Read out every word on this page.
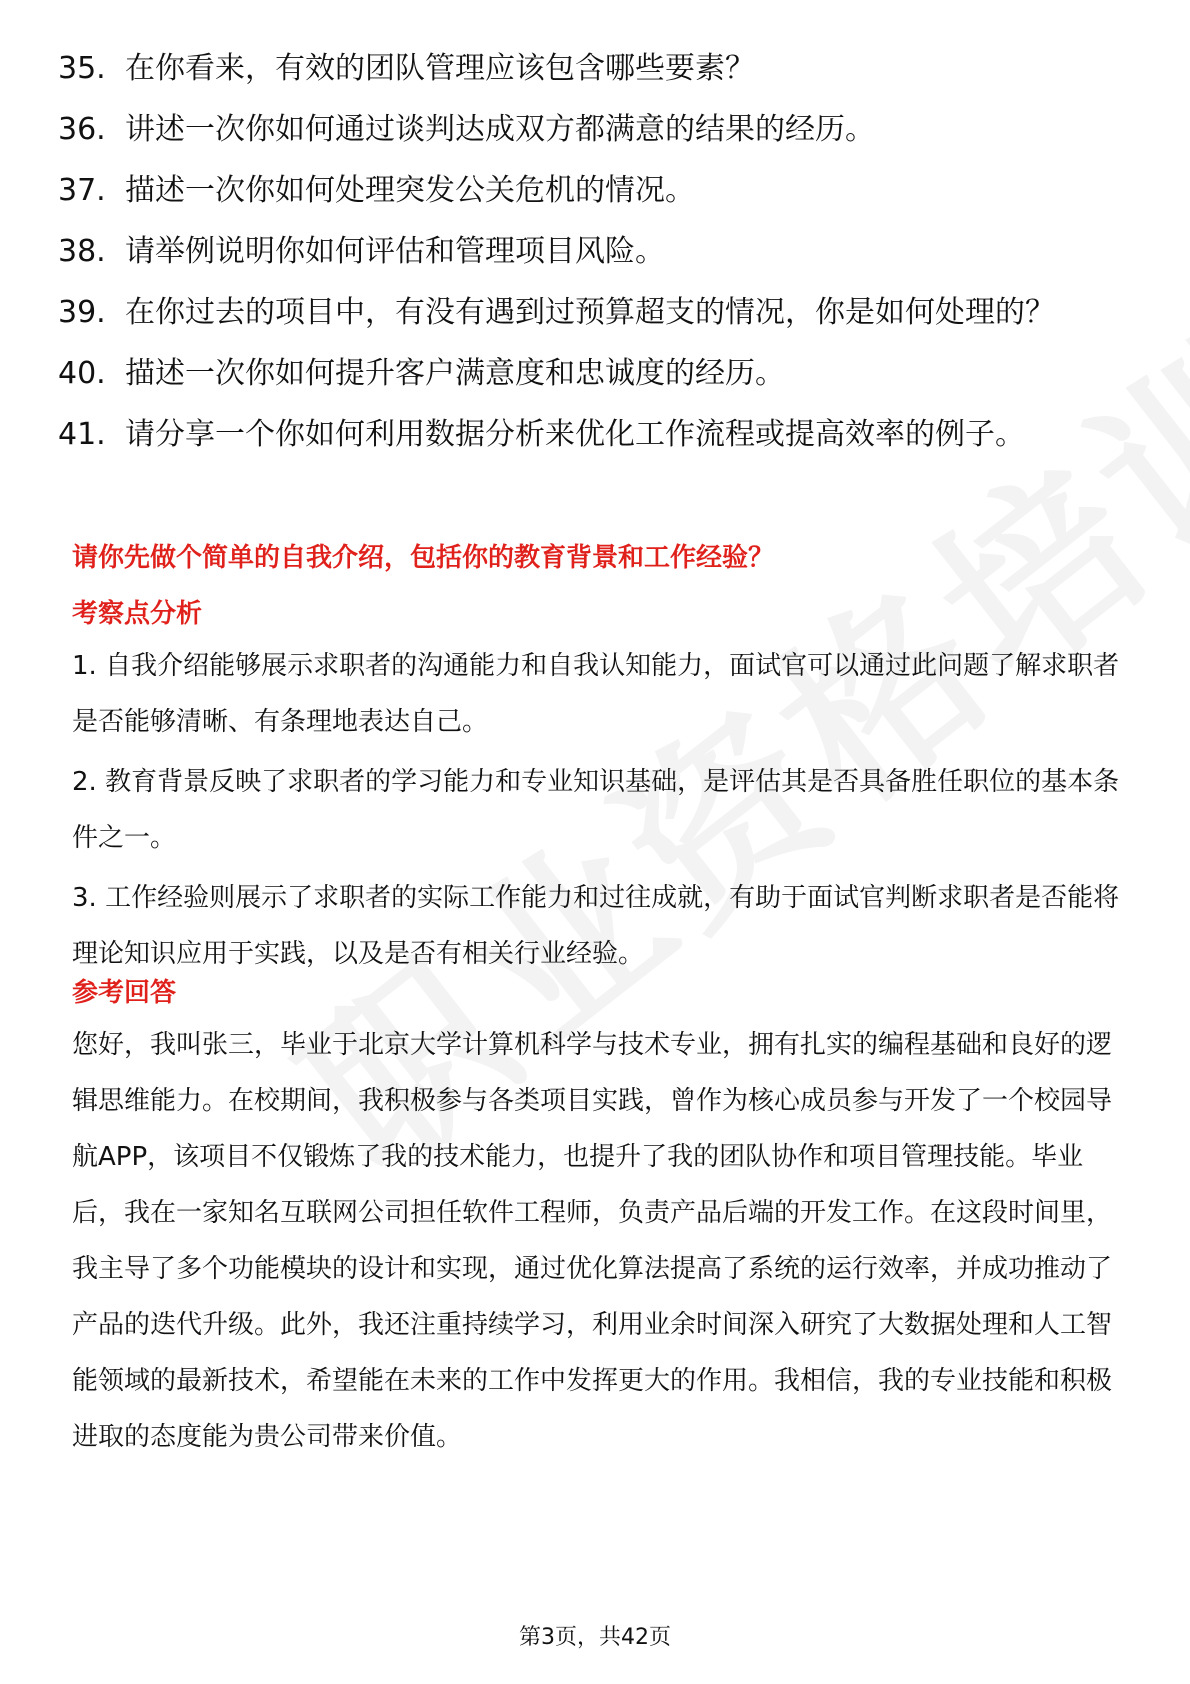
35. 在你看来，有效的团队管理应该包含哪些要素？
36. 讲述一次你如何通过谈判达成双方都满意的结果的经历。
37. 描述一次你如何处理突发公关危机的情况。
38. 请举例说明你如何评估和管理项目风险。
39. 在你过去的项目中，有没有遇到过预算超支的情况，你是如何处理的？
40. 描述一次你如何提升客户满意度和忠诚度的经历。
41. 请分享一个你如何利用数据分析来优化工作流程或提高效率的例子。
请你先做个简单的自我介绍，包括你的教育背景和工作经验？
考察点分析
1. 自我介绍能够展示求职者的沟通能力和自我认知能力，面试官可以通过此问题了解求职者是否能够清晰、有条理地表达自己。
2. 教育背景反映了求职者的学习能力和专业知识基础，是评估其是否具备胜任职位的基本条件之一。
3. 工作经验则展示了求职者的实际工作能力和过往成就，有助于面试官判断求职者是否能将理论知识应用于实践，以及是否有相关行业经验。
参考回答
您好，我叫张三，毕业于北京大学计算机科学与技术专业，拥有扎实的编程基础和良好的逻辑思维能力。在校期间，我积极参与各类项目实践，曾作为核心成员参与开发了一个校园导航APP，该项目不仅锻炼了我的技术能力，也提升了我的团队协作和项目管理技能。毕业后，我在一家知名互联网公司担任软件工程师，负责产品后端的开发工作。在这段时间里，我主导了多个功能模块的设计和实现，通过优化算法提高了系统的运行效率，并成功推动了产品的迭代升级。此外，我还注重持续学习，利用业余时间深入研究了大数据处理和人工智能领域的最新技术，希望能在未来的工作中发挥更大的作用。我相信，我的专业技能和积极进取的态度能为贵公司带来价值。
第3页，共42页
